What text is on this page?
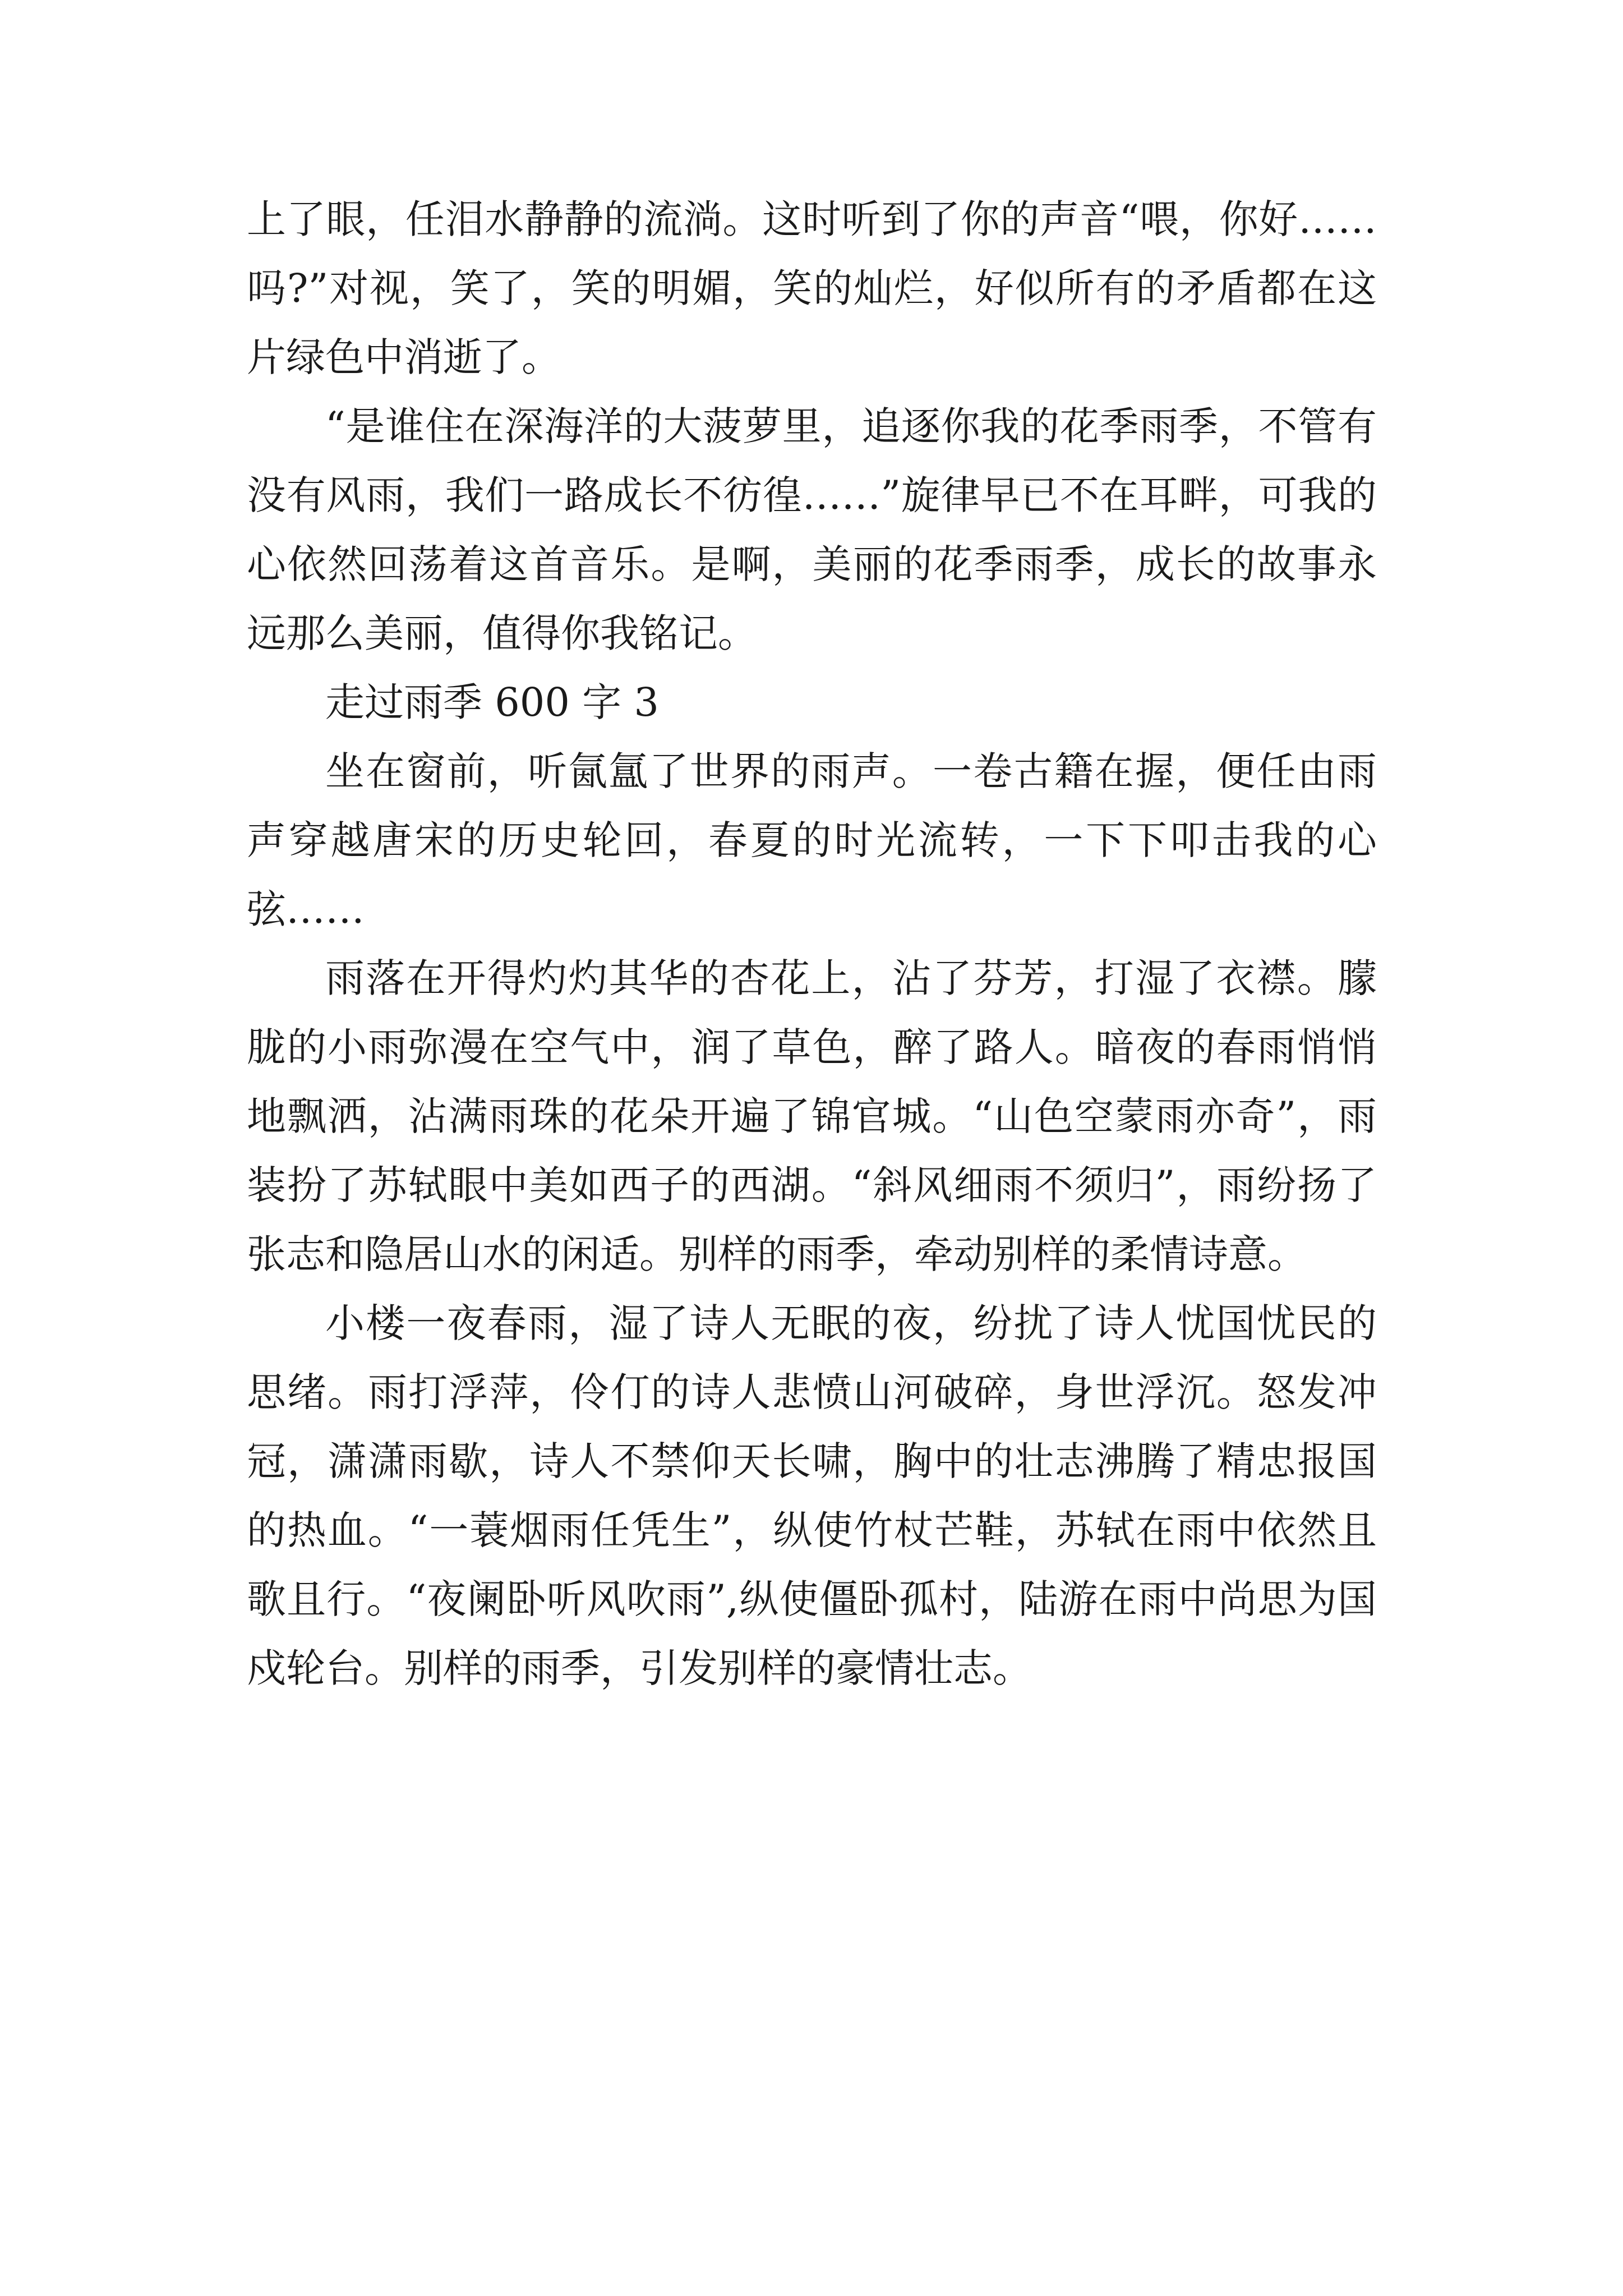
上了眼，任泪水静静的流淌。这时听到了你的声音“喂，你好……吗?”对视，笑了，笑的明媚，笑的灿烂，好似所有的矛盾都在这片绿色中消逝了。

“是谁住在深海洋的大菠萝里，追逐你我的花季雨季，不管有没有风雨，我们一路成长不彷徨……”旋律早已不在耳畔，可我的心依然回荡着这首音乐。是啊，美丽的花季雨季，成长的故事永远那么美丽，值得你我铭记。

走过雨季 600 字 3

坐在窗前，听氤氲了世界的雨声。一卷古籍在握，便任由雨声穿越唐宋的历史轮回，春夏的时光流转，一下下叩击我的心弦……

雨落在开得灼灼其华的杏花上，沾了芬芳，打湿了衣襟。朦胧的小雨弥漫在空气中，润了草色，醉了路人。暗夜的春雨悄悄地飘洒，沾满雨珠的花朵开遍了锦官城。“山色空蒙雨亦奇”，雨装扮了苏轼眼中美如西子的西湖。“斜风细雨不须归”，雨纷扬了张志和隐居山水的闲适。别样的雨季，牵动别样的柔情诗意。

小楼一夜春雨，湿了诗人无眠的夜，纷扰了诗人忧国忧民的思绪。雨打浮萍，伶仃的诗人悲愤山河破碎，身世浮沉。怒发冲冠，潇潇雨歇，诗人不禁仰天长啸，胸中的壮志沸腾了精忠报国的热血。“一蓑烟雨任凭生”，纵使竹杖芒鞋，苏轼在雨中依然且歌且行。“夜阑卧听风吹雨”,纵使僵卧孤村，陆游在雨中尚思为国戍轮台。别样的雨季，引发别样的豪情壮志。
